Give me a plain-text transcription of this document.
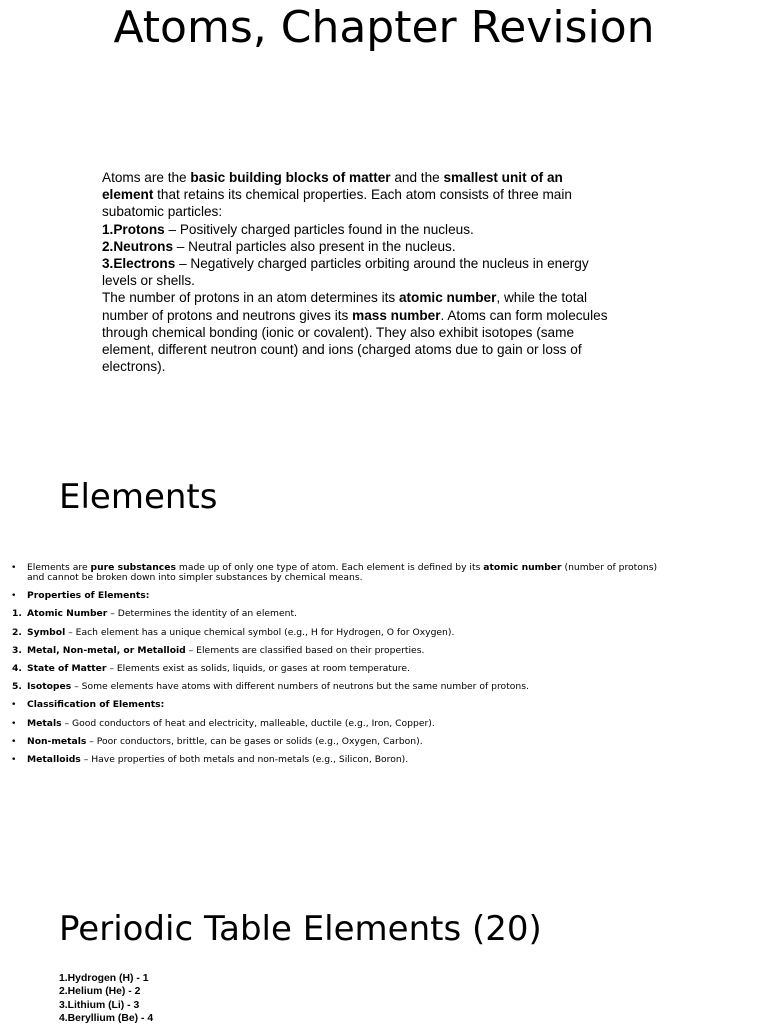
Atoms, Chapter Revision

Atoms are the basic building blocks of matter and the smallest unit of an element that retains its chemical properties. Each atom consists of three main subatomic particles:

1.Protons – Positively charged particles found in the nucleus.

2.Neutrons – Neutral particles also present in the nucleus.

3.Electrons – Negatively charged particles orbiting around the nucleus in energy levels or shells.

The number of protons in an atom determines its atomic number, while the total number of protons and neutrons gives its mass number. Atoms can form molecules through chemical bonding (ionic or covalent). They also exhibit isotopes (same element, different neutron count) and ions (charged atoms due to gain or loss of electrons).

Elements
•	Elements are pure substances made up of only one type of atom. Each element is defined by its atomic number (number of protons) and cannot be broken down into simpler substances by chemical means.
•	Properties of Elements:
1. Atomic Number – Determines the identity of an element.
2. Symbol – Each element has a unique chemical symbol (e.g., H for Hydrogen, O for Oxygen).
3. Metal, Non-metal, or Metalloid – Elements are classified based on their properties.
4. State of Matter – Elements exist as solids, liquids, or gases at room temperature.
5. Isotopes – Some elements have atoms with different numbers of neutrons but the same number of protons.
•	Classification of Elements:
•	Metals – Good conductors of heat and electricity, malleable, ductile (e.g., Iron, Copper).
•	Non-metals – Poor conductors, brittle, can be gases or solids (e.g., Oxygen, Carbon).
•	Metalloids – Have properties of both metals and non-metals (e.g., Silicon, Boron).
Periodic Table Elements (20)
1.Hydrogen (H) - 1
2.Helium (He) - 2
3.Lithium (Li) - 3
4.Beryllium (Be) - 4
